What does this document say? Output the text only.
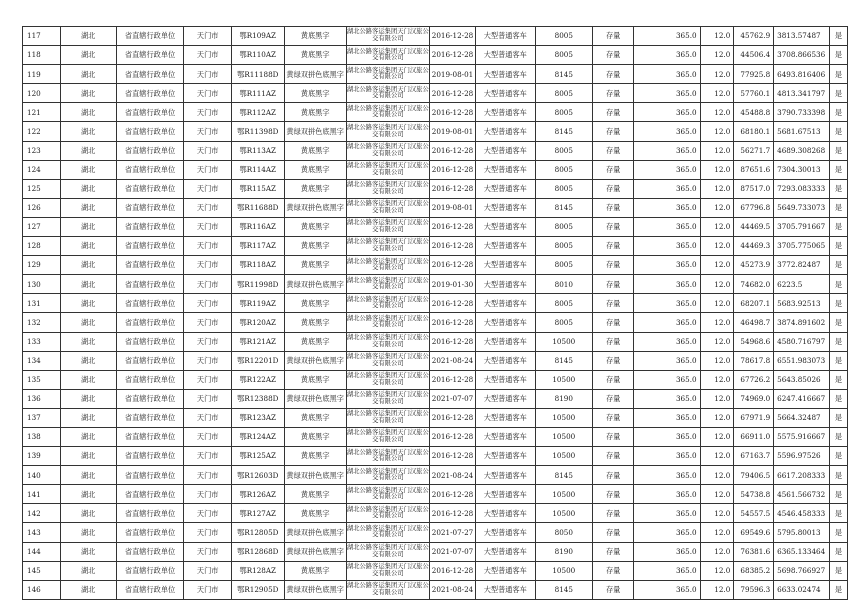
117	湖北	省直辖行政单位	天门市	鄂R109AZ	黄底黑字	湖北公路客运集团天门汉旅公交有限公司	2016-12-28	大型普通客车	8005	存量	365.0	12.0	45762.9	3813.57487	是
118	湖北	省直辖行政单位	天门市	鄂R110AZ	黄底黑字	湖北公路客运集团天门汉旅公交有限公司	2016-12-28	大型普通客车	8005	存量	365.0	12.0	44506.4	3708.866536	是
119	湖北	省直辖行政单位	天门市	鄂R11188D	黄绿双拼色底黑字	湖北公路客运集团天门汉旅公交有限公司	2019-08-01	大型普通客车	8145	存量	365.0	12.0	77925.8	6493.816406	是
120	湖北	省直辖行政单位	天门市	鄂R111AZ	黄底黑字	湖北公路客运集团天门汉旅公交有限公司	2016-12-28	大型普通客车	8005	存量	365.0	12.0	57760.1	4813.341797	是
121	湖北	省直辖行政单位	天门市	鄂R112AZ	黄底黑字	湖北公路客运集团天门汉旅公交有限公司	2016-12-28	大型普通客车	8005	存量	365.0	12.0	45488.8	3790.733398	是
122	湖北	省直辖行政单位	天门市	鄂R11398D	黄绿双拼色底黑字	湖北公路客运集团天门汉旅公交有限公司	2019-08-01	大型普通客车	8145	存量	365.0	12.0	68180.1	5681.67513	是
123	湖北	省直辖行政单位	天门市	鄂R113AZ	黄底黑字	湖北公路客运集团天门汉旅公交有限公司	2016-12-28	大型普通客车	8005	存量	365.0	12.0	56271.7	4689.308268	是
124	湖北	省直辖行政单位	天门市	鄂R114AZ	黄底黑字	湖北公路客运集团天门汉旅公交有限公司	2016-12-28	大型普通客车	8005	存量	365.0	12.0	87651.6	7304.30013	是
125	湖北	省直辖行政单位	天门市	鄂R115AZ	黄底黑字	湖北公路客运集团天门汉旅公交有限公司	2016-12-28	大型普通客车	8005	存量	365.0	12.0	87517.0	7293.083333	是
126	湖北	省直辖行政单位	天门市	鄂R11688D	黄绿双拼色底黑字	湖北公路客运集团天门汉旅公交有限公司	2019-08-01	大型普通客车	8145	存量	365.0	12.0	67796.8	5649.733073	是
127	湖北	省直辖行政单位	天门市	鄂R116AZ	黄底黑字	湖北公路客运集团天门汉旅公交有限公司	2016-12-28	大型普通客车	8005	存量	365.0	12.0	44469.5	3705.791667	是
128	湖北	省直辖行政单位	天门市	鄂R117AZ	黄底黑字	湖北公路客运集团天门汉旅公交有限公司	2016-12-28	大型普通客车	8005	存量	365.0	12.0	44469.3	3705.775065	是
129	湖北	省直辖行政单位	天门市	鄂R118AZ	黄底黑字	湖北公路客运集团天门汉旅公交有限公司	2016-12-28	大型普通客车	8005	存量	365.0	12.0	45273.9	3772.82487	是
130	湖北	省直辖行政单位	天门市	鄂R11998D	黄绿双拼色底黑字	湖北公路客运集团天门汉旅公交有限公司	2019-01-30	大型普通客车	8010	存量	365.0	12.0	74682.0	6223.5	是
131	湖北	省直辖行政单位	天门市	鄂R119AZ	黄底黑字	湖北公路客运集团天门汉旅公交有限公司	2016-12-28	大型普通客车	8005	存量	365.0	12.0	68207.1	5683.92513	是
132	湖北	省直辖行政单位	天门市	鄂R120AZ	黄底黑字	湖北公路客运集团天门汉旅公交有限公司	2016-12-28	大型普通客车	8005	存量	365.0	12.0	46498.7	3874.891602	是
133	湖北	省直辖行政单位	天门市	鄂R121AZ	黄底黑字	湖北公路客运集团天门汉旅公交有限公司	2016-12-28	大型普通客车	10500	存量	365.0	12.0	54968.6	4580.716797	是
134	湖北	省直辖行政单位	天门市	鄂R12201D	黄绿双拼色底黑字	湖北公路客运集团天门汉旅公交有限公司	2021-08-24	大型普通客车	8145	存量	365.0	12.0	78617.8	6551.983073	是
135	湖北	省直辖行政单位	天门市	鄂R122AZ	黄底黑字	湖北公路客运集团天门汉旅公交有限公司	2016-12-28	大型普通客车	10500	存量	365.0	12.0	67726.2	5643.85026	是
136	湖北	省直辖行政单位	天门市	鄂R12388D	黄绿双拼色底黑字	湖北公路客运集团天门汉旅公交有限公司	2021-07-07	大型普通客车	8190	存量	365.0	12.0	74969.0	6247.416667	是
137	湖北	省直辖行政单位	天门市	鄂R123AZ	黄底黑字	湖北公路客运集团天门汉旅公交有限公司	2016-12-28	大型普通客车	10500	存量	365.0	12.0	67971.9	5664.32487	是
138	湖北	省直辖行政单位	天门市	鄂R124AZ	黄底黑字	湖北公路客运集团天门汉旅公交有限公司	2016-12-28	大型普通客车	10500	存量	365.0	12.0	66911.0	5575.916667	是
139	湖北	省直辖行政单位	天门市	鄂R125AZ	黄底黑字	湖北公路客运集团天门汉旅公交有限公司	2016-12-28	大型普通客车	10500	存量	365.0	12.0	67163.7	5596.97526	是
140	湖北	省直辖行政单位	天门市	鄂R12603D	黄绿双拼色底黑字	湖北公路客运集团天门汉旅公交有限公司	2021-08-24	大型普通客车	8145	存量	365.0	12.0	79406.5	6617.208333	是
141	湖北	省直辖行政单位	天门市	鄂R126AZ	黄底黑字	湖北公路客运集团天门汉旅公交有限公司	2016-12-28	大型普通客车	10500	存量	365.0	12.0	54738.8	4561.566732	是
142	湖北	省直辖行政单位	天门市	鄂R127AZ	黄底黑字	湖北公路客运集团天门汉旅公交有限公司	2016-12-28	大型普通客车	10500	存量	365.0	12.0	54557.5	4546.458333	是
143	湖北	省直辖行政单位	天门市	鄂R12805D	黄绿双拼色底黑字	湖北公路客运集团天门汉旅公交有限公司	2021-07-27	大型普通客车	8050	存量	365.0	12.0	69549.6	5795.80013	是
144	湖北	省直辖行政单位	天门市	鄂R12868D	黄绿双拼色底黑字	湖北公路客运集团天门汉旅公交有限公司	2021-07-07	大型普通客车	8190	存量	365.0	12.0	76381.6	6365.133464	是
145	湖北	省直辖行政单位	天门市	鄂R128AZ	黄底黑字	湖北公路客运集团天门汉旅公交有限公司	2016-12-28	大型普通客车	10500	存量	365.0	12.0	68385.2	5698.766927	是
146	湖北	省直辖行政单位	天门市	鄂R12905D	黄绿双拼色底黑字	湖北公路客运集团天门汉旅公交有限公司	2021-08-24	大型普通客车	8145	存量	365.0	12.0	79596.3	6633.02474	是
